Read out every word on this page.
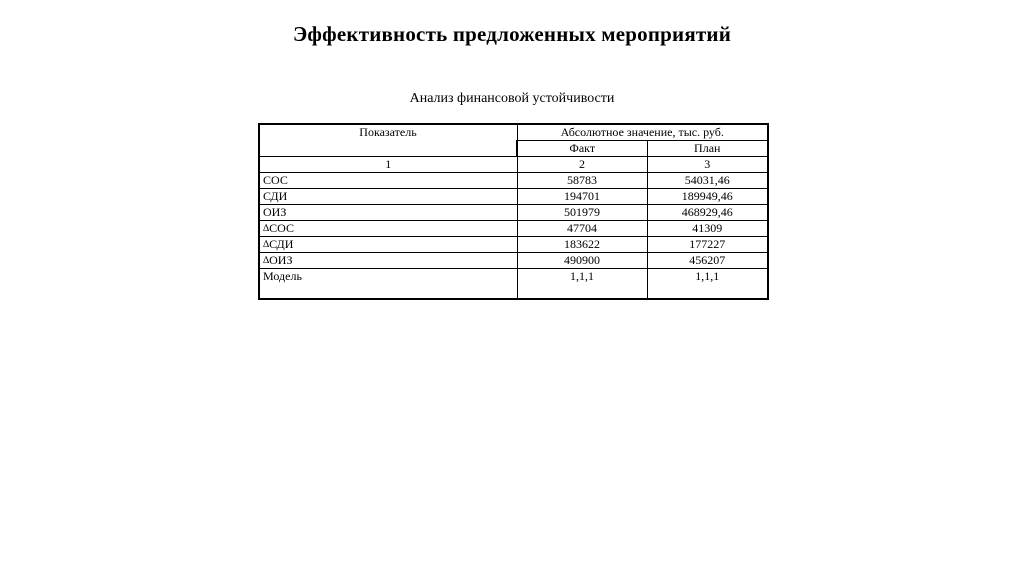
Эффективность предложенных мероприятий
Анализ финансовой устойчивости
Показатель	Абсолютное значение, тыс. руб.	
	Факт	План
1	2	3
СОС	58783	54031,46
СДИ	194701	189949,46
ОИЗ	501979	468929,46
∆СОС	47704	41309
∆СДИ	183622	177227
∆ОИЗ	490900	456207
Модель	1,1,1	1,1,1
